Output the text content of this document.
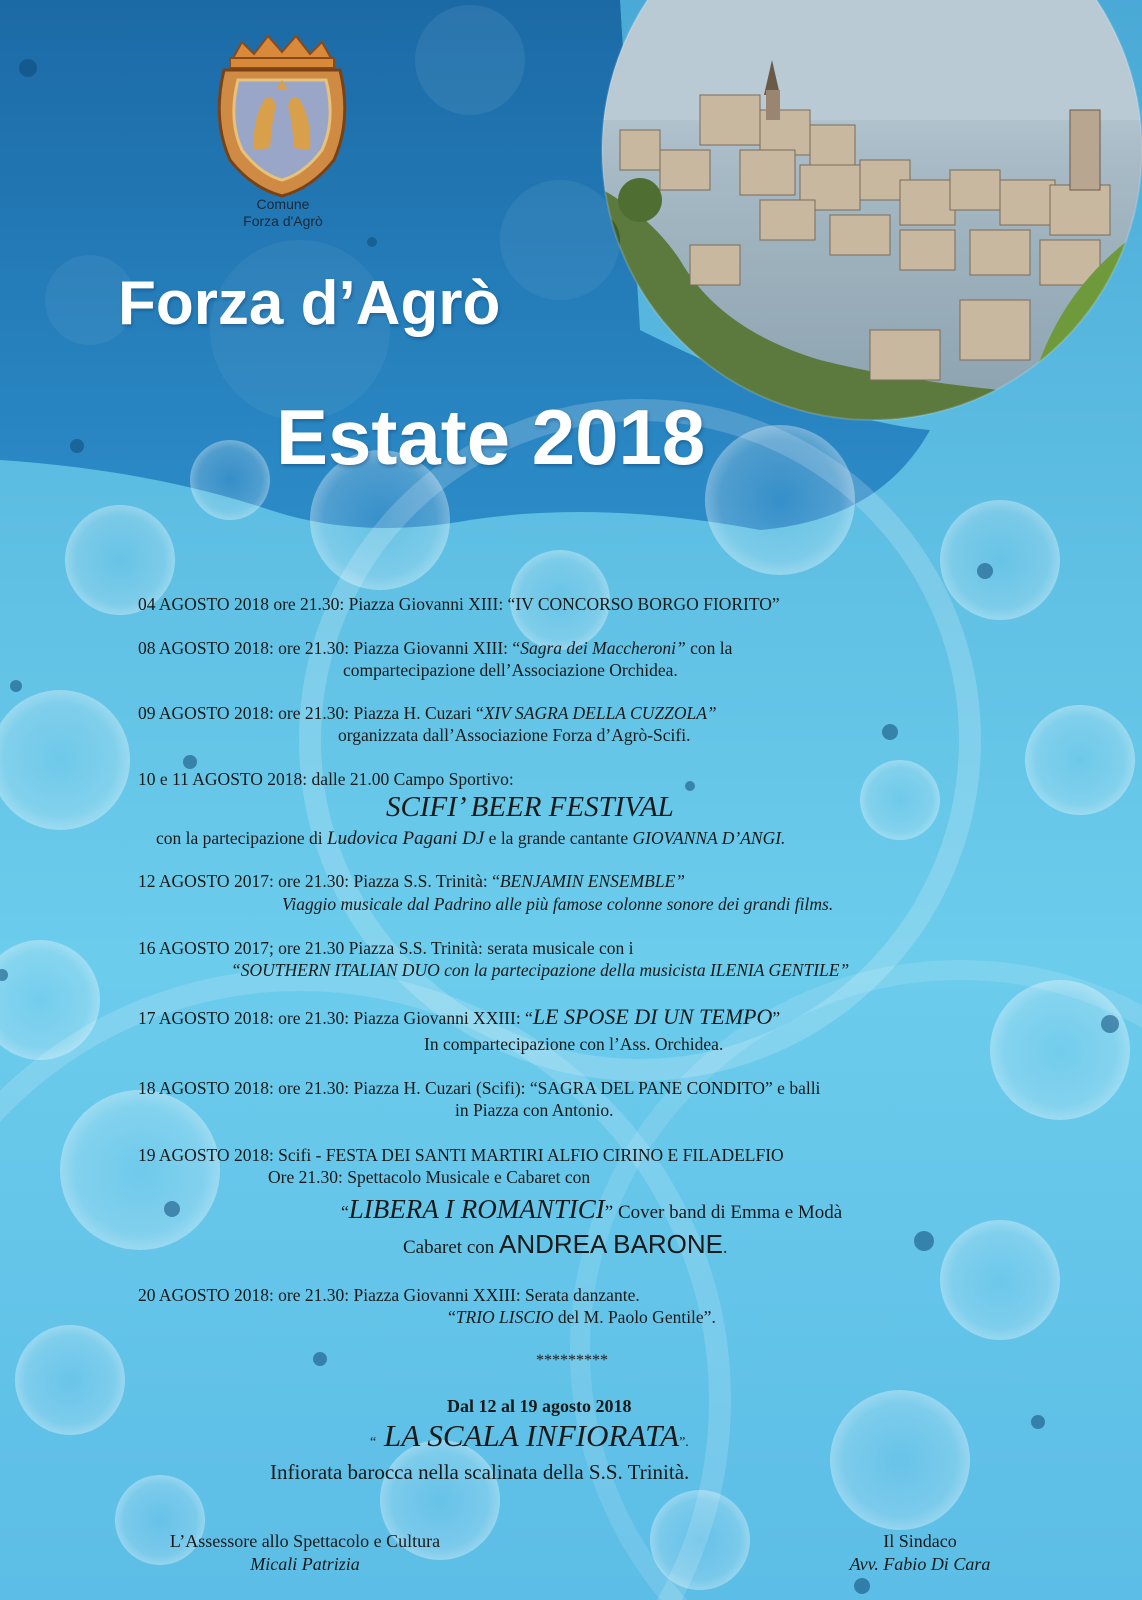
Comune
Forza d'Agrò
Forza d’Agrò
Estate 2018
04 AGOSTO 2018 ore 21.30: Piazza Giovanni XIII: “IV CONCORSO BORGO FIORITO”
08 AGOSTO 2018: ore 21.30: Piazza Giovanni XIII: “Sagra dei Maccheroni” con la
compartecipazione dell’Associazione Orchidea.
09 AGOSTO 2018: ore 21.30: Piazza H. Cuzari “XIV SAGRA DELLA CUZZOLA”
organizzata dall’Associazione Forza d’Agrò-Scifi.
10 e 11 AGOSTO 2018: dalle 21.00 Campo Sportivo:
SCIFI’ BEER FESTIVAL
con la partecipazione di Ludovica Pagani DJ e la grande cantante GIOVANNA D’ANGI.
12 AGOSTO 2017: ore 21.30: Piazza S.S. Trinità: “BENJAMIN ENSEMBLE”
Viaggio musicale dal Padrino alle più famose colonne sonore dei grandi films.
16 AGOSTO 2017; ore 21.30 Piazza S.S. Trinità: serata musicale con i
“SOUTHERN ITALIAN DUO con la partecipazione della musicista ILENIA GENTILE”
17 AGOSTO 2018: ore 21.30: Piazza Giovanni XXIII: “LE SPOSE DI UN TEMPO”
In compartecipazione con l’Ass. Orchidea.
18 AGOSTO 2018: ore 21.30: Piazza H. Cuzari (Scifi): “SAGRA DEL PANE CONDITO” e balli
in Piazza con Antonio.
19 AGOSTO 2018: Scifi - FESTA DEI SANTI MARTIRI ALFIO CIRINO E FILADELFIO
Ore 21.30: Spettacolo Musicale e Cabaret con
“LIBERA I ROMANTICI” Cover band di Emma e Modà
Cabaret con ANDREA BARONE.
20 AGOSTO 2018: ore 21.30: Piazza Giovanni XXIII: Serata danzante.
“TRIO LISCIO del M. Paolo Gentile”.
*********
Dal 12 al 19 agosto 2018
“ LA SCALA INFIORATA”.
Infiorata barocca nella scalinata della S.S. Trinità.
L’Assessore allo Spettacolo e Cultura
Micali Patrizia
Il Sindaco
Avv. Fabio Di Cara
